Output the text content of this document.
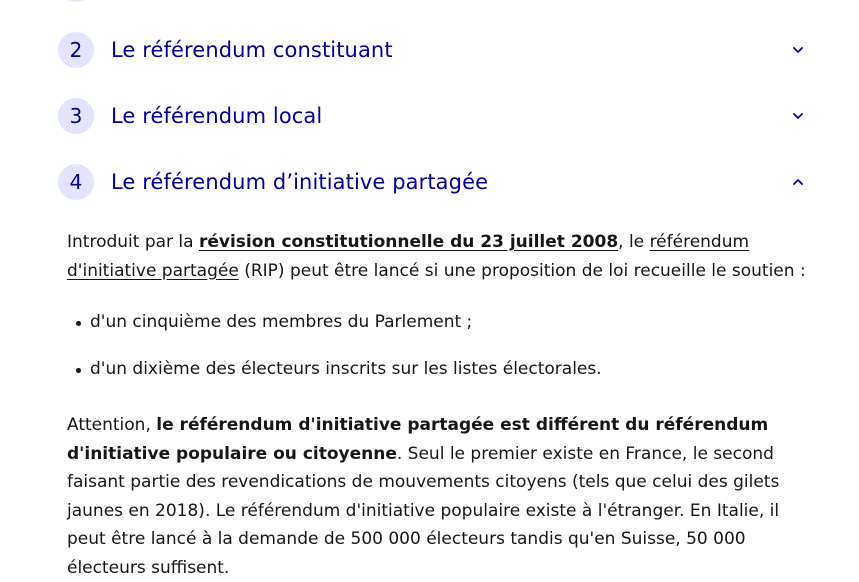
2	Le référendum constituant
3	Le référendum local
4	Le référendum d’initiative partagée

Introduit par la révision constitutionnelle du 23 juillet 2008, le référendum d'initiative partagée (RIP) peut être lancé si une proposition de loi recueille le soutien :

d'un cinquième des membres du Parlement ;
d'un dixième des électeurs inscrits sur les listes électorales.

Attention, le référendum d'initiative partagée est différent du référendum d'initiative populaire ou citoyenne. Seul le premier existe en France, le second faisant partie des revendications de mouvements citoyens (tels que celui des gilets jaunes en 2018). Le référendum d'initiative populaire existe à l'étranger. En Italie, il peut être lancé à la demande de 500 000 électeurs tandis qu'en Suisse, 50 000 électeurs suffisent.
